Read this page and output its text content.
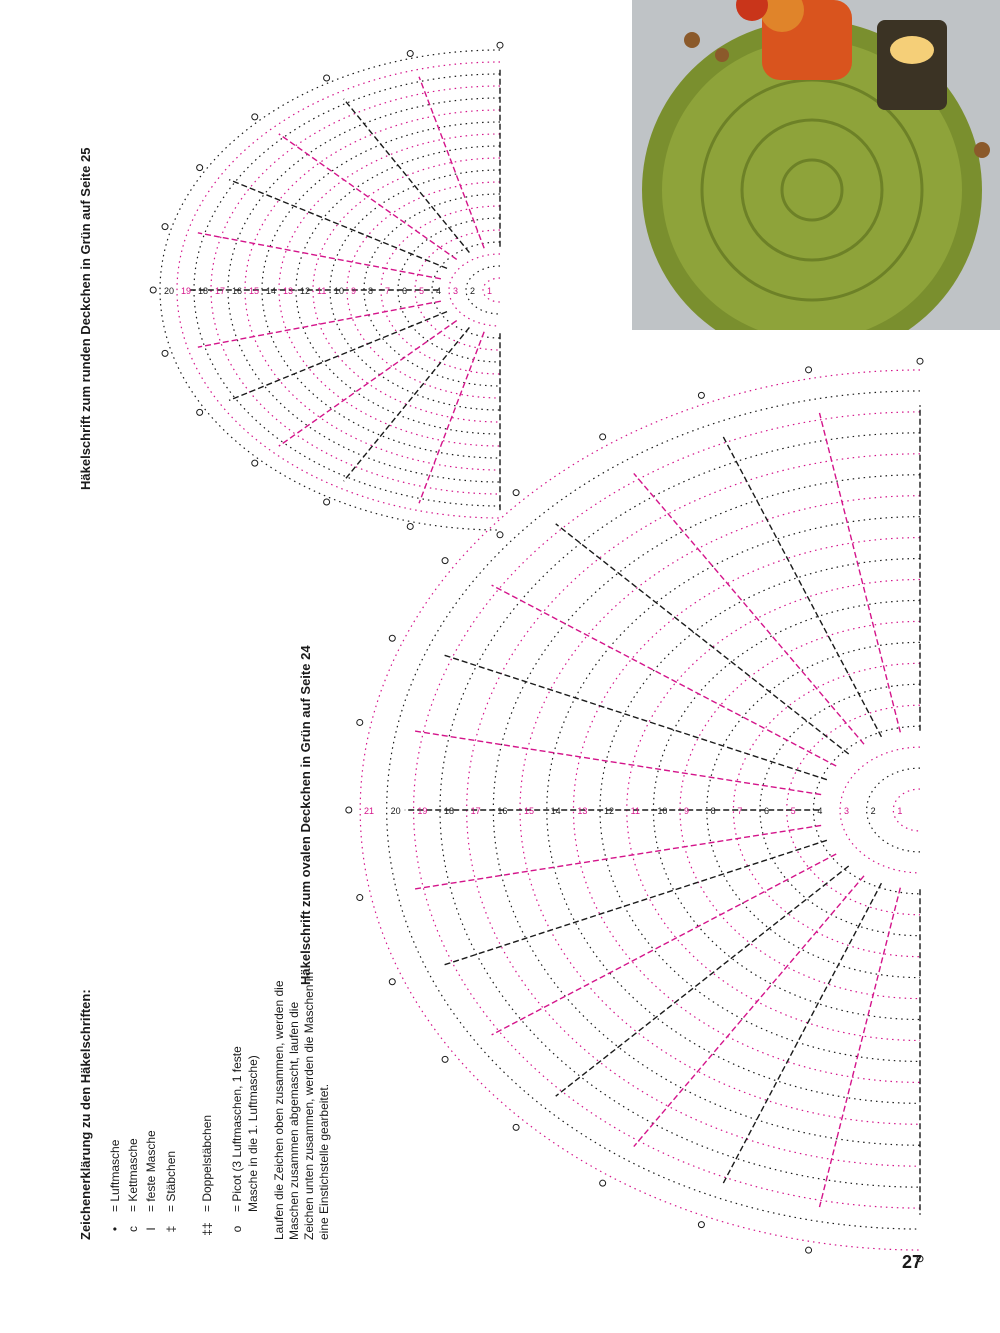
Zeichenerklärung zu den Häkelschriften: •= Luftmasche
c= Kettmasche
I= feste Masche
‡= Stäbchen
‡‡= Doppelstäbchen
o= Picot (3 Luftmaschen, 1 feste Masche in die 1. Luftmasche) Laufen die Zeichen oben zusammen, werden die Maschen zusammen abgemascht, laufen die Zeichen unten zusammen, werden die Maschen in eine Einstichstelle gearbeitet.
Häkelschrift zum ovalen Deckchen in Grün auf Seite 24
Häkelschrift zum runden Deckchen in Grün auf Seite 25
1
2
3
4
5
6
7
8
9
10
11
12
13
14
15
16
17
18
19
20
21
1
2
3
4
5
6
7
8
9
10
11
12
13
14
15
16
17
18
19
20
27
